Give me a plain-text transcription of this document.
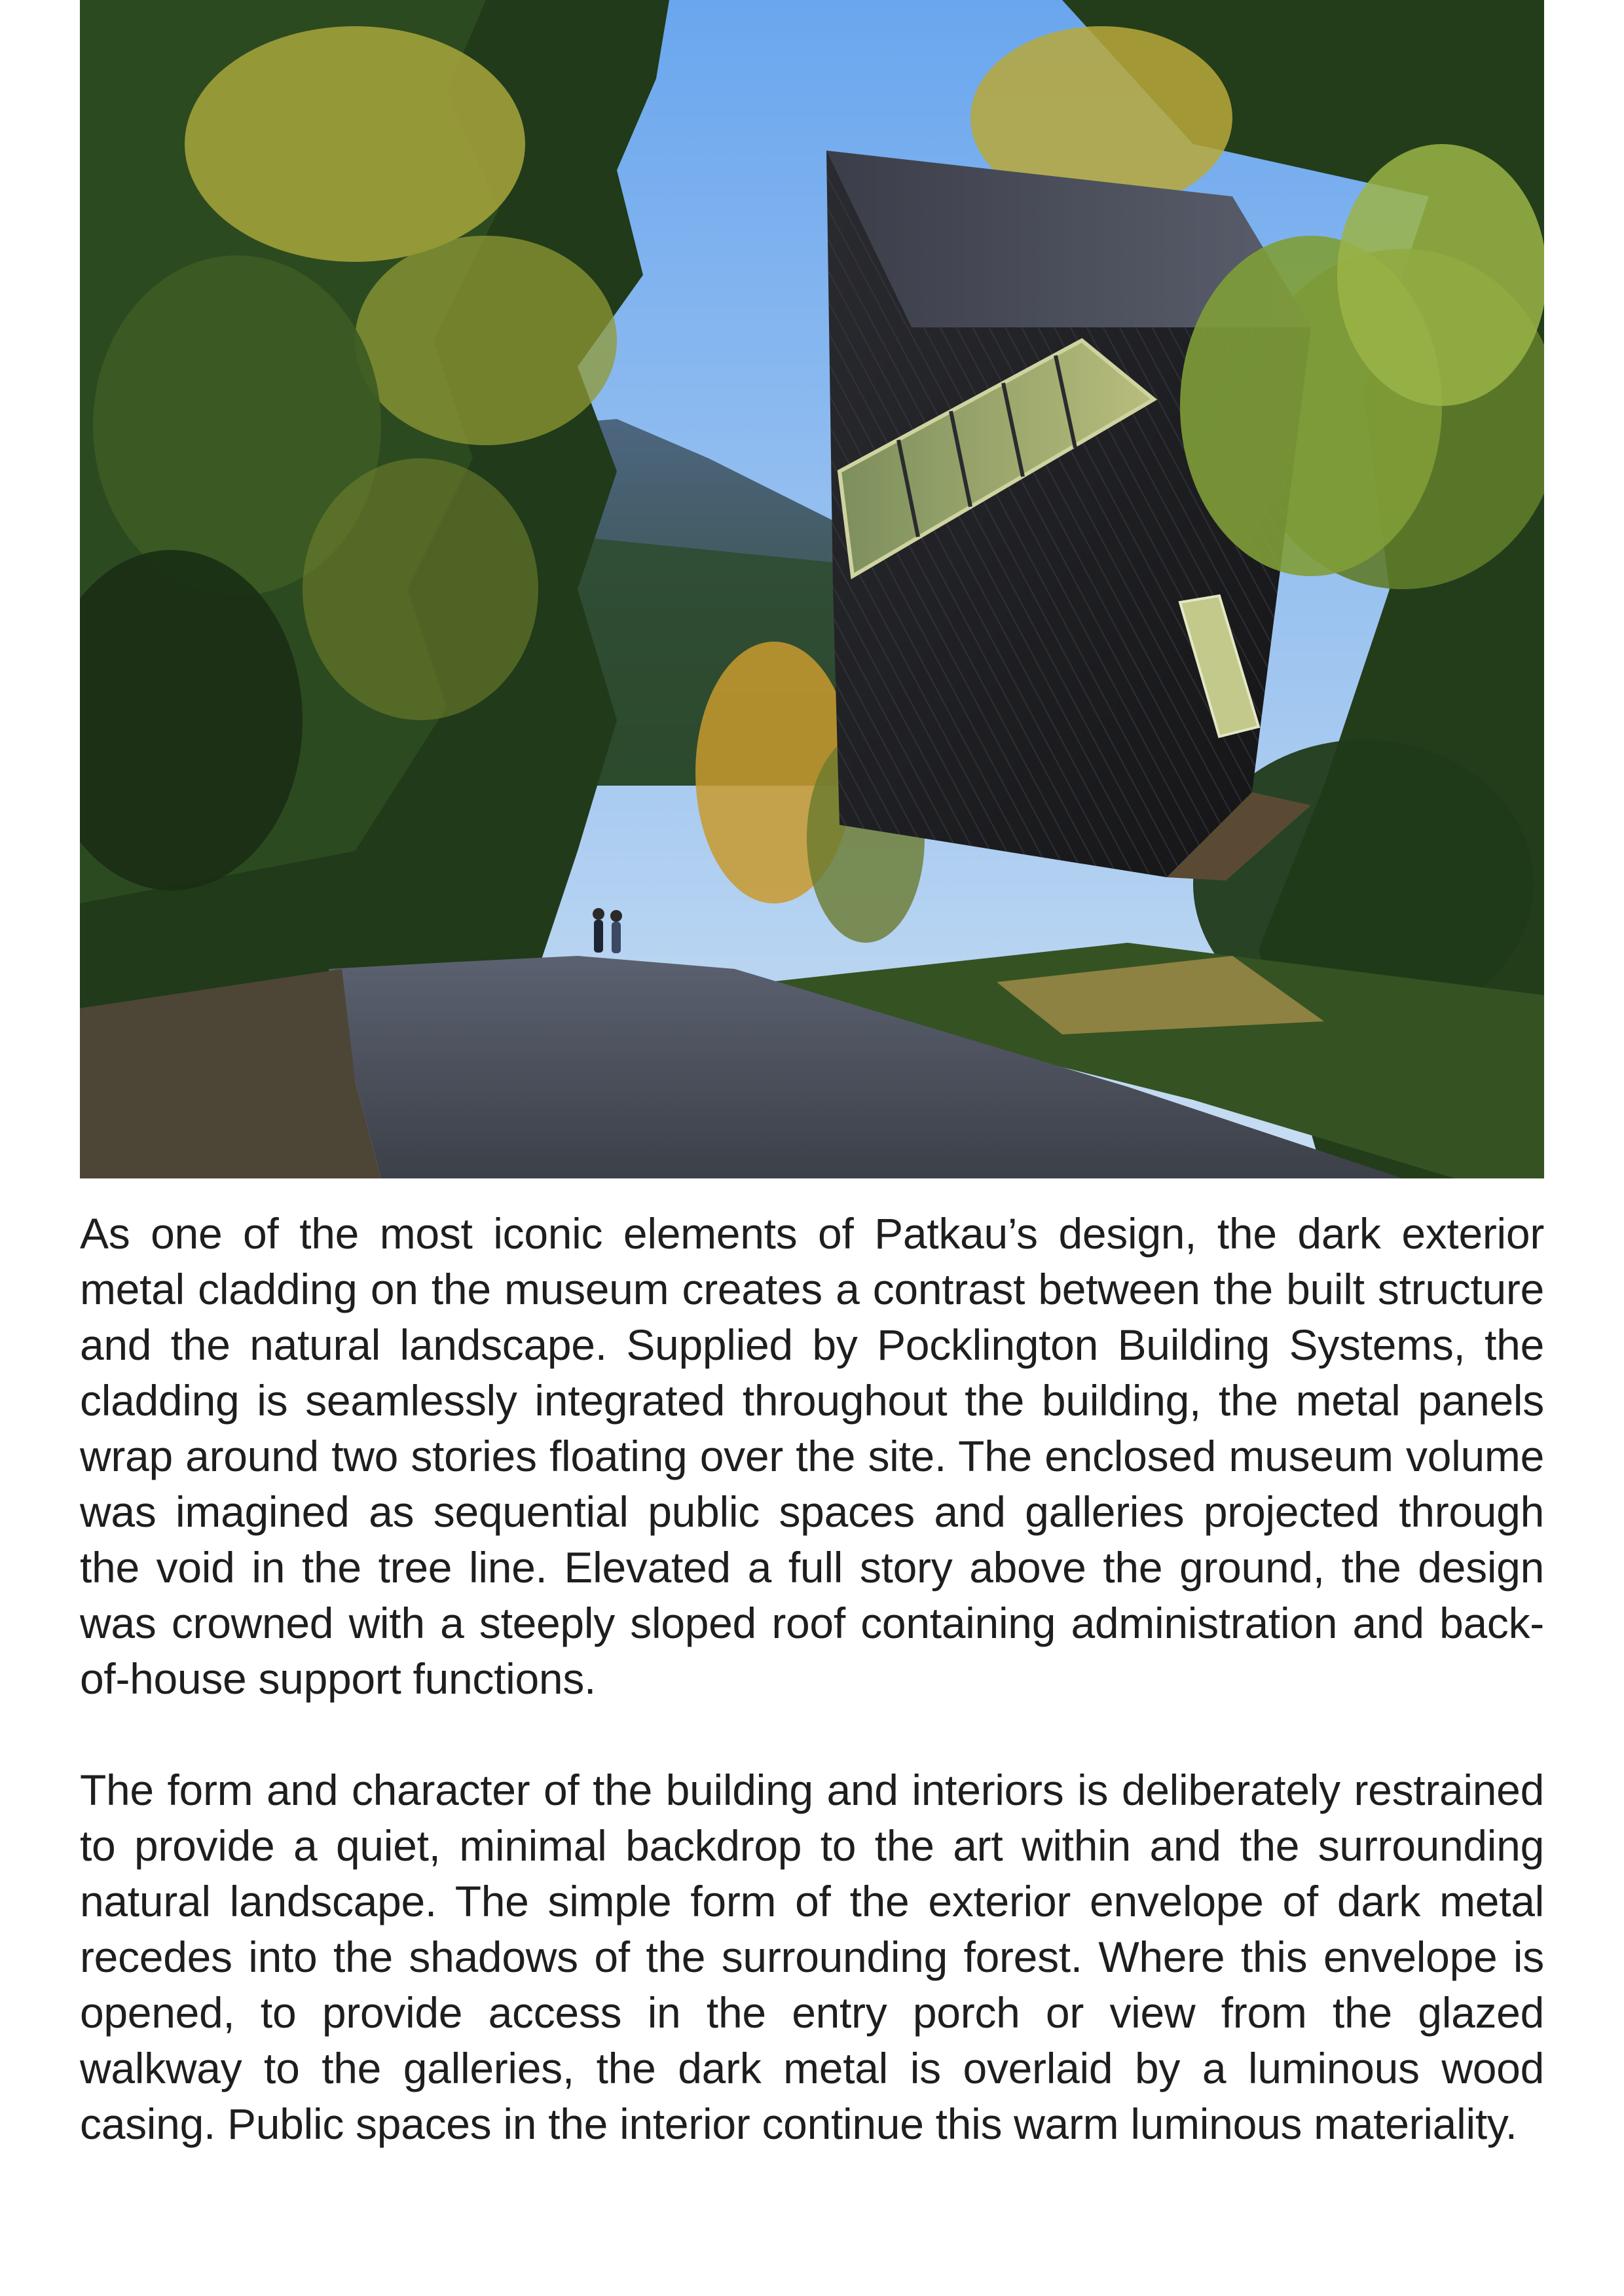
As one of the most iconic elements of Patkau’s design, the dark exterior metal cladding on the museum creates a contrast between the built structure and the natural landscape. Supplied by Pocklington Building Systems, the cladding is seamlessly integrated throughout the building, the metal panels wrap around two stories floating over the site. The enclosed museum volume was imagined as sequential public spaces and galleries projected through the void in the tree line. Elevated a full story above the ground, the design was crowned with a steeply sloped roof containing administration and back-of-house support functions.

The form and character of the building and interiors is deliberately restrained to provide a quiet, minimal backdrop to the art within and the surrounding natural landscape. The simple form of the exterior envelope of dark metal recedes into the shadows of the surrounding forest. Where this envelope is opened, to provide access in the entry porch or view from the glazed walkway to the galleries, the dark metal is overlaid by a luminous wood casing. Public spaces in the interior continue this warm luminous materiality.
